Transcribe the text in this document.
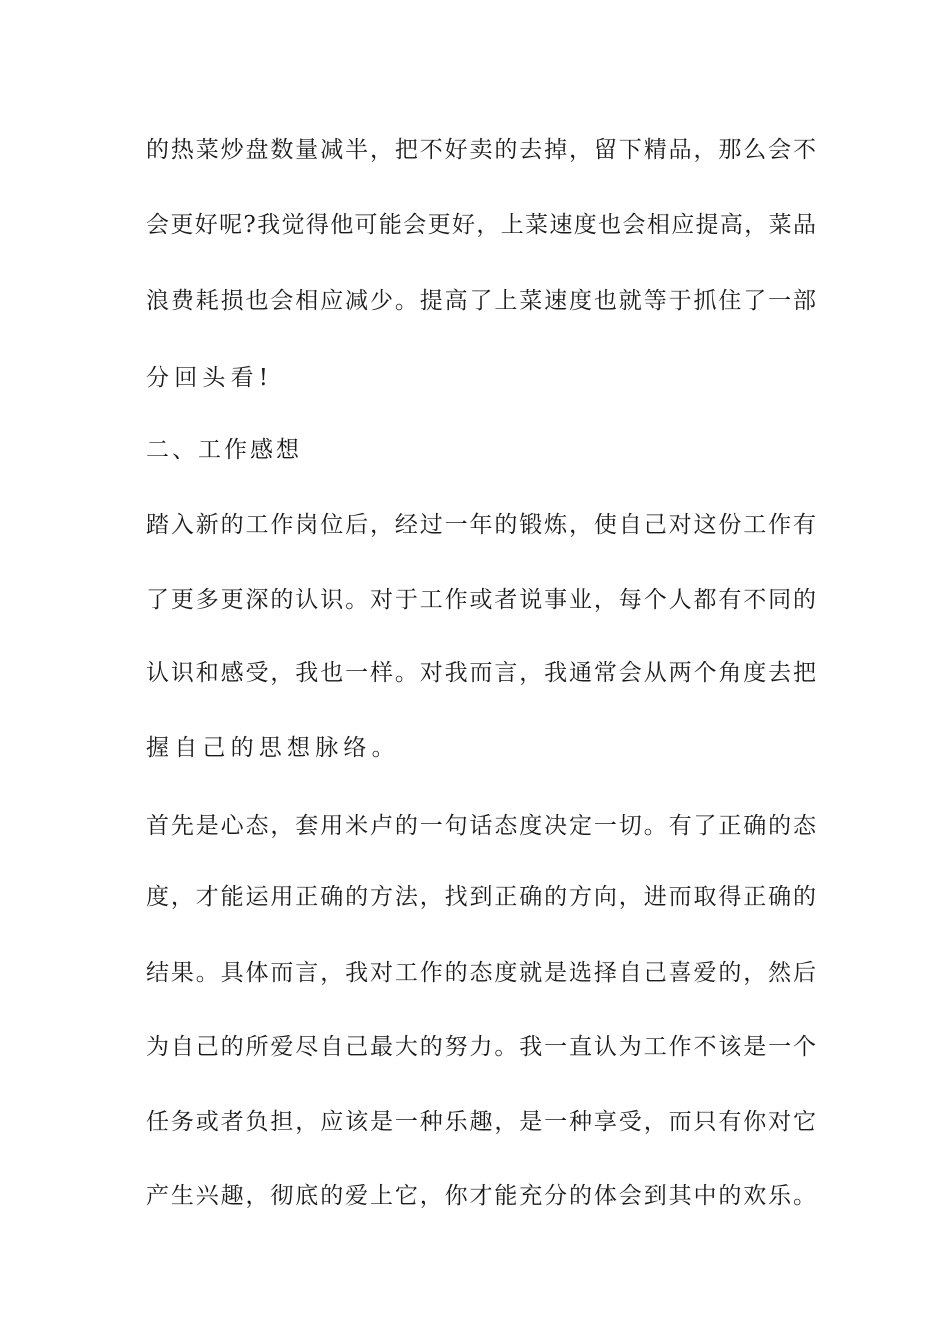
的热菜炒盘数量减半，把不好卖的去掉，留下精品，那么会不
会更好呢?我觉得他可能会更好，上菜速度也会相应提高，菜品
浪费耗损也会相应减少。提高了上菜速度也就等于抓住了一部
分回头看!
二、工作感想
踏入新的工作岗位后，经过一年的锻炼，使自己对这份工作有
了更多更深的认识。对于工作或者说事业，每个人都有不同的
认识和感受，我也一样。对我而言，我通常会从两个角度去把
握自己的思想脉络。
首先是心态，套用米卢的一句话态度决定一切。有了正确的态
度，才能运用正确的方法，找到正确的方向，进而取得正确的
结果。具体而言，我对工作的态度就是选择自己喜爱的，然后
为自己的所爱尽自己最大的努力。我一直认为工作不该是一个
任务或者负担，应该是一种乐趣，是一种享受，而只有你对它
产生兴趣，彻底的爱上它，你才能充分的体会到其中的欢乐。
